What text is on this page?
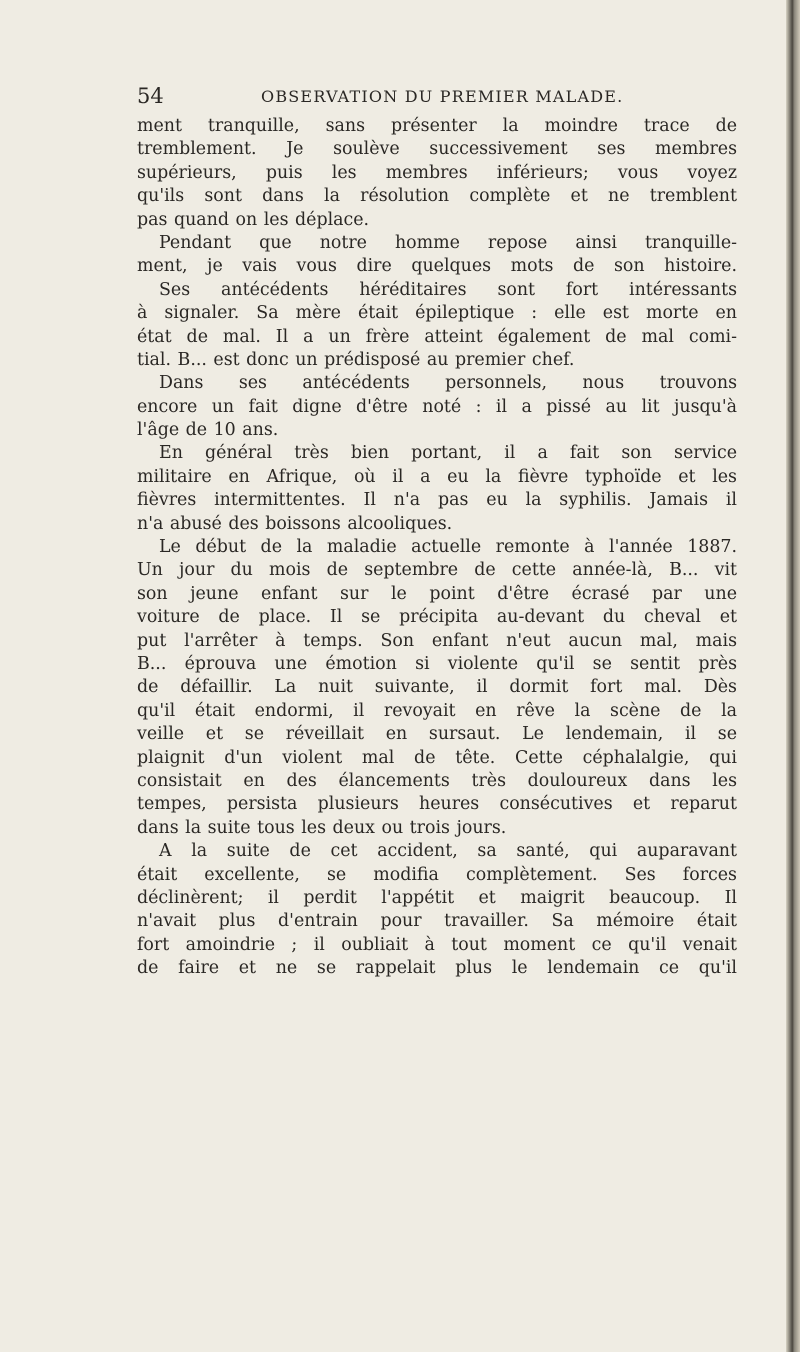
54	OBSERVATION DU PREMIER MALADE.
ment tranquille, sans présenter la moindre trace de
tremblement. Je soulève successivement ses membres
supérieurs, puis les membres inférieurs; vous voyez
qu'ils sont dans la résolution complète et ne tremblent
pas quand on les déplace.
Pendant que notre homme repose ainsi tranquille-
ment, je vais vous dire quelques mots de son histoire.
Ses antécédents héréditaires sont fort intéressants
à signaler. Sa mère était épileptique : elle est morte en
état de mal. Il a un frère atteint également de mal comi-
tial. B... est donc un prédisposé au premier chef.
Dans ses antécédents personnels, nous trouvons
encore un fait digne d'être noté : il a pissé au lit jusqu'à
l'âge de 10 ans.
En général très bien portant, il a fait son service
militaire en Afrique, où il a eu la fièvre typhoïde et les
fièvres intermittentes. Il n'a pas eu la syphilis. Jamais il
n'a abusé des boissons alcooliques.
Le début de la maladie actuelle remonte à l'année 1887.
Un jour du mois de septembre de cette année-là, B... vit
son jeune enfant sur le point d'être écrasé par une
voiture de place. Il se précipita au-devant du cheval et
put l'arrêter à temps. Son enfant n'eut aucun mal, mais
B... éprouva une émotion si violente qu'il se sentit près
de défaillir. La nuit suivante, il dormit fort mal. Dès
qu'il était endormi, il revoyait en rêve la scène de la
veille et se réveillait en sursaut. Le lendemain, il se
plaignit d'un violent mal de tête. Cette céphalalgie, qui
consistait en des élancements très douloureux dans les
tempes, persista plusieurs heures consécutives et reparut
dans la suite tous les deux ou trois jours.
A la suite de cet accident, sa santé, qui auparavant
était excellente, se modifia complètement. Ses forces
déclinèrent; il perdit l'appétit et maigrit beaucoup. Il
n'avait plus d'entrain pour travailler. Sa mémoire était
fort amoindrie ; il oubliait à tout moment ce qu'il venait
de faire et ne se rappelait plus le lendemain ce qu'il
